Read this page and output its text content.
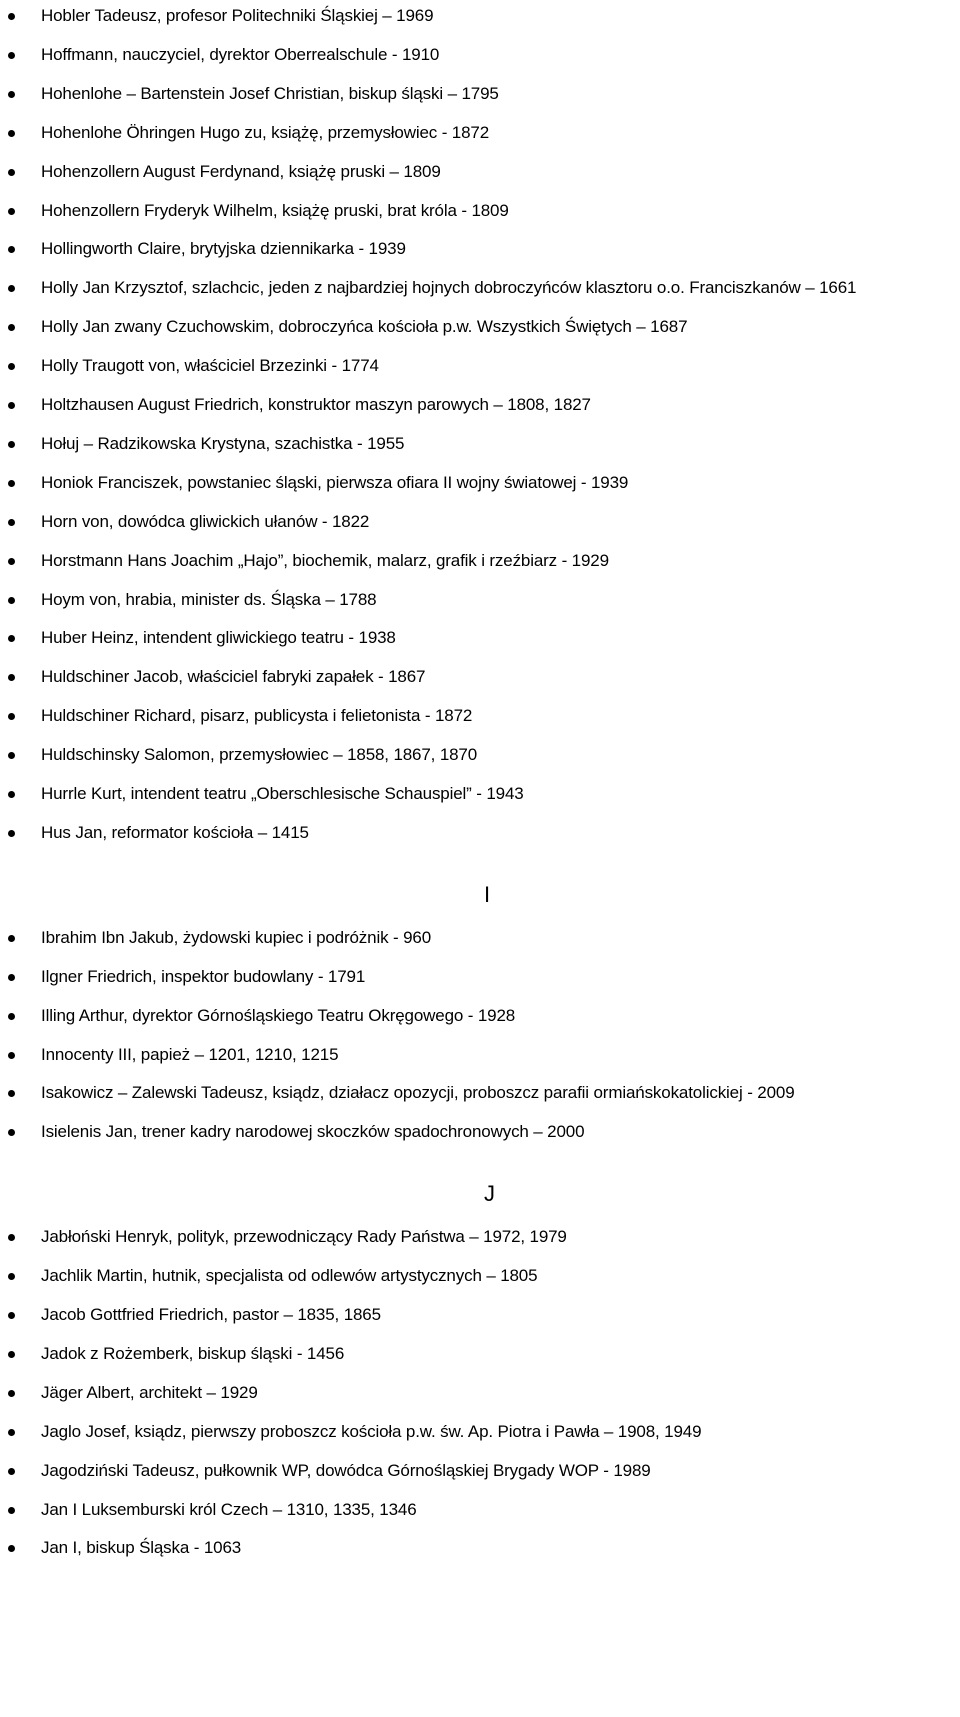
Hobler Tadeusz, profesor Politechniki Śląskiej – 1969
Hoffmann, nauczyciel, dyrektor Oberrealschule - 1910
Hohenlohe – Bartenstein Josef Christian, biskup śląski – 1795
Hohenlohe Öhringen Hugo zu, książę, przemysłowiec - 1872
Hohenzollern August Ferdynand, książę pruski – 1809
Hohenzollern Fryderyk Wilhelm, książę pruski, brat króla - 1809
Hollingworth Claire, brytyjska dziennikarka - 1939
Holly Jan Krzysztof, szlachcic, jeden z najbardziej hojnych dobroczyńców klasztoru o.o. Franciszkanów – 1661
Holly Jan zwany Czuchowskim, dobroczyńca kościoła p.w. Wszystkich Świętych – 1687
Holly Traugott von, właściciel Brzezinki - 1774
Holtzhausen August Friedrich, konstruktor maszyn parowych – 1808, 1827
Hołuj – Radzikowska Krystyna, szachistka - 1955
Honiok Franciszek, powstaniec śląski, pierwsza ofiara II wojny światowej - 1939
Horn von, dowódca gliwickich ułanów - 1822
Horstmann Hans Joachim „Hajo”, biochemik, malarz, grafik i rzeźbiarz - 1929
Hoym von, hrabia, minister ds. Śląska – 1788
Huber Heinz, intendent gliwickiego teatru - 1938
Huldschiner Jacob, właściciel fabryki zapałek - 1867
Huldschiner Richard, pisarz, publicysta i felietonista - 1872
Huldschinsky Salomon, przemysłowiec – 1858, 1867, 1870
Hurrle Kurt, intendent teatru „Oberschlesische Schauspiel” - 1943
Hus Jan, reformator kościoła – 1415
I
Ibrahim Ibn Jakub, żydowski kupiec i podróżnik - 960
Ilgner Friedrich, inspektor budowlany - 1791
Illing Arthur, dyrektor Górnośląskiego Teatru Okręgowego - 1928
Innocenty III, papież – 1201, 1210, 1215
Isakowicz – Zalewski Tadeusz, ksiądz, działacz opozycji, proboszcz parafii ormiańskokatolickiej - 2009
Isielenis Jan, trener kadry narodowej skoczków spadochronowych – 2000
J
Jabłoński Henryk, polityk, przewodniczący Rady Państwa – 1972, 1979
Jachlik Martin, hutnik, specjalista od odlewów artystycznych – 1805
Jacob Gottfried Friedrich, pastor – 1835, 1865
Jadok z Rożemberk, biskup śląski - 1456
Jäger Albert, architekt – 1929
Jaglo Josef, ksiądz, pierwszy proboszcz kościoła p.w. św. Ap. Piotra i Pawła – 1908, 1949
Jagodziński Tadeusz, pułkownik WP, dowódca Górnośląskiej Brygady WOP - 1989
Jan I Luksemburski król Czech – 1310, 1335, 1346
Jan I, biskup Śląska - 1063
